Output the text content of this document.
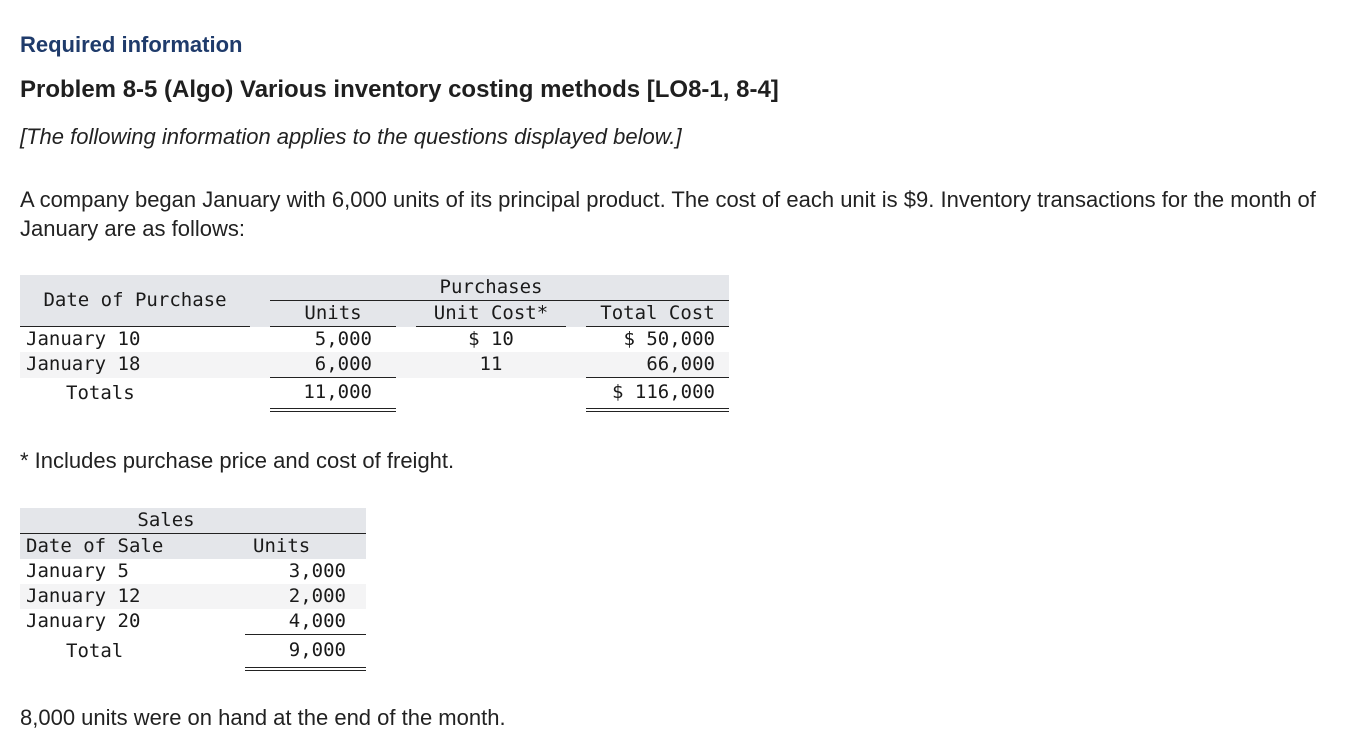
Required information
Problem 8-5 (Algo) Various inventory costing methods [LO8-1, 8-4]
[The following information applies to the questions displayed below.]
A company began January with 6,000 units of its principal product. The cost of each unit is $9. Inventory transactions for the month of January are as follows:
Date of Purchase				Purchases		
		Units		Unit Cost*		Total Cost
January 10		5,000		$ 10		$ 50,000
January 18		6,000		11		66,000
Totals		11,000				$ 116,000
* Includes purchase price and cost of freight.
Sales		
Date of Sale		Units
January 5		3,000
January 12		2,000
January 20		4,000
Total		9,000
8,000 units were on hand at the end of the month.
